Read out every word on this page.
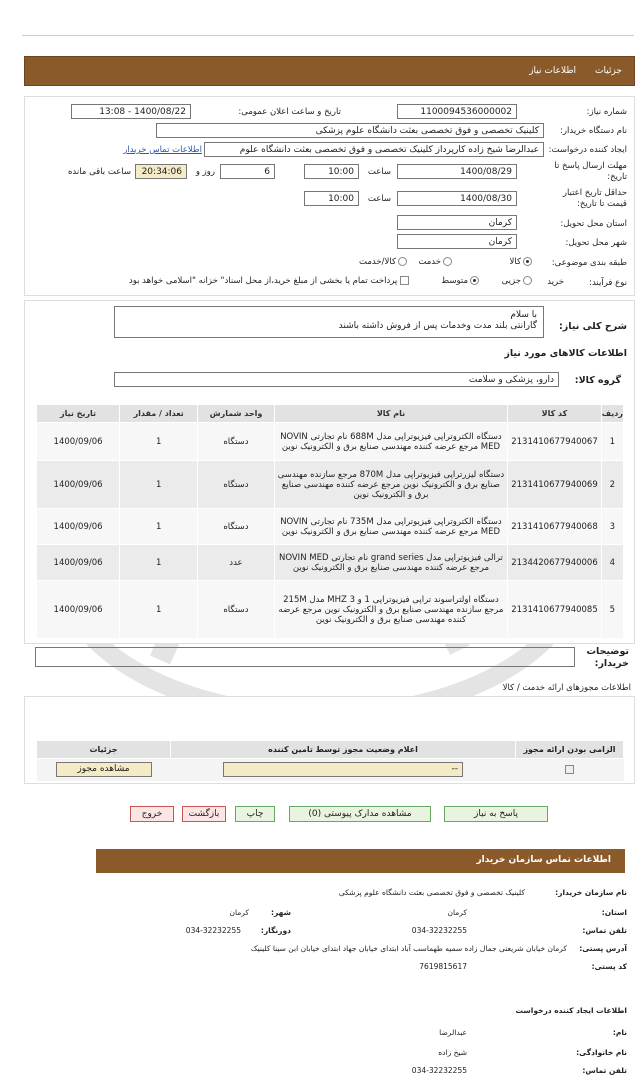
جزئیات
اطلاعات نیاز
شماره نیاز:
1100094536000002
تاریخ و ساعت اعلان عمومی:
1400/08/22 - 13:08
نام دستگاه خریدار:
کلینیک تخصصی و فوق تخصصی بعثت دانشگاه علوم پزشکی
ایجاد کننده درخواست:
عبدالرضا شیخ زاده کارپرداز کلینیک تخصصی و فوق تخصصی بعثت دانشگاه علوم
اطلاعات تماس خریدار
مهلت ارسال پاسخ تا تاریخ:
1400/08/29
ساعت
10:00
6
روز و
20:34:06
ساعت باقی مانده
حداقل تاریخ اعتبار قیمت تا تاریخ:
1400/08/30
ساعت
10:00
استان محل تحویل:
کرمان
شهر محل تحویل:
کرمان
طبقه بندی موضوعی:
کالا
خدمت
کالا/خدمت
نوع فرآیند:
خرید
جزیی
متوسط
پرداخت تمام یا بخشی از مبلغ خرید،از محل اسناد" خزانه "اسلامی خواهد بود
شرح کلی نیاز:
با سلام
گارانتی بلند مدت وخدمات پس از فروش داشته باشند
اطلاعات کالاهای مورد نیاز
گروه کالا:
دارو، پزشکی و سلامت
ردیف	کد کالا	نام کالا	واحد شمارش	تعداد / مقدار	تاریخ نیاز
1	2131410677940067	دستگاه الکتروتراپی فیزیوتراپی مدل 688M نام تجارتی NOVIN MED مرجع عرضه کننده مهندسی صنایع برق و الکترونیک نوین	دستگاه	1	1400/09/06
2	2131410677940069	دستگاه لیزرتراپی فیزیوتراپی مدل 870M مرجع سازنده مهندسی صنایع برق و الکترونیک نوین مرجع عرضه کننده مهندسی صنایع برق و الکترونیک نوین	دستگاه	1	1400/09/06
3	2131410677940068	دستگاه الکتروتراپی فیزیوتراپی مدل 735M نام تجارتی NOVIN MED مرجع عرضه کننده مهندسی صنایع برق و الکترونیک نوین	دستگاه	1	1400/09/06
4	2134420677940006	ترالی فیزیوتراپی مدل grand series نام تجارتی NOVIN MED مرجع عرضه کننده مهندسی صنایع برق و الکترونیک نوین	عدد	1	1400/09/06
5	2131410677940085	دستگاه اولتراسوند تراپی فیزیوتراپی 1 و 3 MHZ مدل 215M مرجع سازنده مهندسی صنایع برق و الکترونیک نوین مرجع عرضه کننده مهندسی صنایع برق و الکترونیک نوین	دستگاه	1	1400/09/06
توضیحات خریدار:
اطلاعات مجوزهای ارائه خدمت / کالا
الزامی بودن ارائه مجوز	اعلام وضعیت مجوز توسط تامین کننده	جزئیات
	--	مشاهده مجوز
پاسخ به نیاز
مشاهده مدارک پیوستی (0)
چاپ
بازگشت
خروج
اطلاعات تماس سازمان خریدار
نام سازمان خریدار:
کلینیک تخصصی و فوق تخصصی بعثت دانشگاه علوم پزشکی
استان:
کرمان
شهر:
کرمان
تلفن تماس:
034-32232255
دورنگار:
034-32232255
آدرس پستی:
کرمان خیابان شریعتی جمال زاده سمیه طهماسب آباد ابتدای خیابان جهاد ابتدای خیابان ابن سینا کلینیک
کد پستی:
7619815617
اطلاعات ایجاد کننده درخواست
نام:
عبدالرضا
نام خانوادگی:
شیخ زاده
تلفن تماس:
034-32232255
